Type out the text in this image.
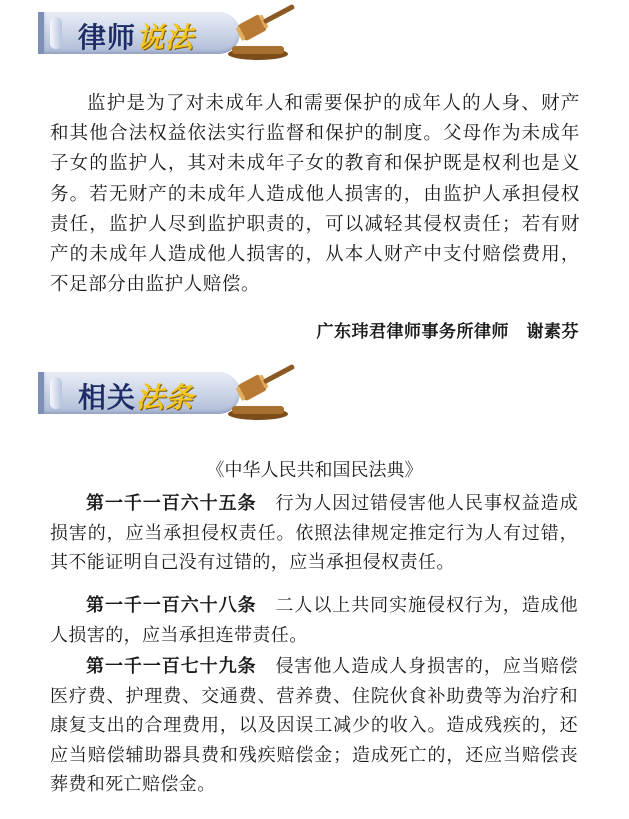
律师说法

监护是为了对未成年人和需要保护的成年人的人身、财产和其他合法权益依法实行监督和保护的制度。父母作为未成年子女的监护人，其对未成年子女的教育和保护既是权利也是义务。若无财产的未成年人造成他人损害的，由监护人承担侵权责任，监护人尽到监护职责的，可以减轻其侵权责任；若有财产的未成年人造成他人损害的，从本人财产中支付赔偿费用，不足部分由监护人赔偿。

广东玮君律师事务所律师　谢素芬
相关法条
《中华人民共和国民法典》

第一千一百六十五条　 行为人因过错侵害他人民事权益造成损害的，应当承担侵权责任。依照法律规定推定行为人有过错，其不能证明自己没有过错的，应当承担侵权责任。

第一千一百六十八条　 二人以上共同实施侵权行为，造成他人损害的，应当承担连带责任。

第一千一百七十九条　 侵害他人造成人身损害的，应当赔偿医疗费、护理费、交通费、营养费、住院伙食补助费等为治疗和康复支出的合理费用，以及因误工减少的收入。造成残疾的，还应当赔偿辅助器具费和残疾赔偿金；造成死亡的，还应当赔偿丧葬费和死亡赔偿金。
